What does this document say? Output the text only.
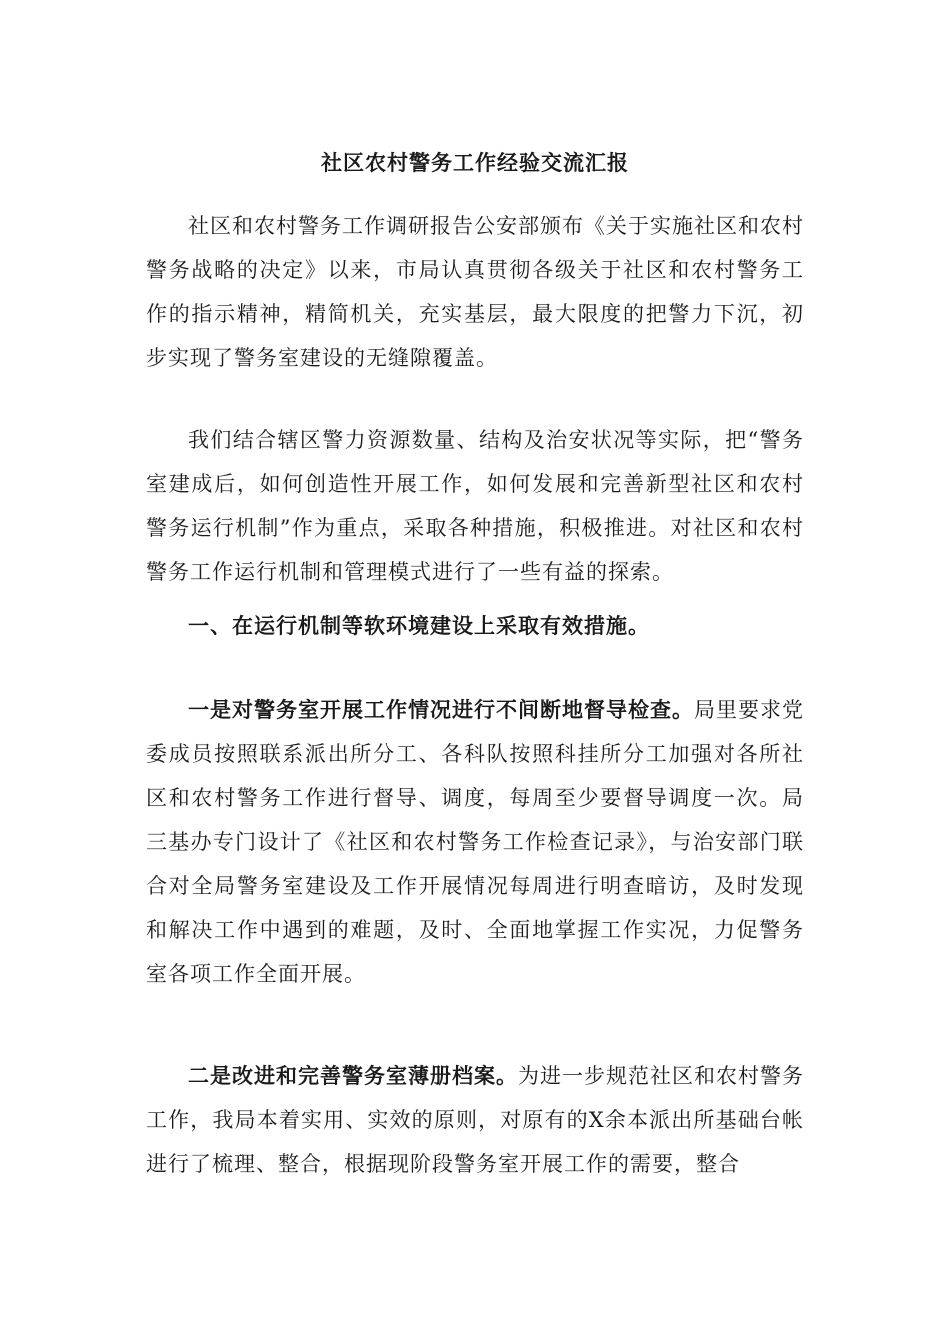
社区农村警务工作经验交流汇报

社区和农村警务工作调研报告公安部颁布《关于实施社区和农村警务战略的决定》以来，市局认真贯彻各级关于社区和农村警务工作的指示精神，精简机关，充实基层，最大限度的把警力下沉，初步实现了警务室建设的无缝隙覆盖。

我们结合辖区警力资源数量、结构及治安状况等实际，把“警务室建成后，如何创造性开展工作，如何发展和完善新型社区和农村警务运行机制”作为重点，采取各种措施，积极推进。对社区和农村警务工作运行机制和管理模式进行了一些有益的探索。

一、在运行机制等软环境建设上采取有效措施。

一是对警务室开展工作情况进行不间断地督导检查。局里要求党委成员按照联系派出所分工、各科队按照科挂所分工加强对各所社区和农村警务工作进行督导、调度，每周至少要督导调度一次。局三基办专门设计了《社区和农村警务工作检查记录》，与治安部门联合对全局警务室建设及工作开展情况每周进行明查暗访，及时发现和解决工作中遇到的难题，及时、全面地掌握工作实况，力促警务室各项工作全面开展。

二是改进和完善警务室薄册档案。为进一步规范社区和农村警务工作，我局本着实用、实效的原则，对原有的X余本派出所基础台帐进行了梳理、整合，根据现阶段警务室开展工作的需要，整合
